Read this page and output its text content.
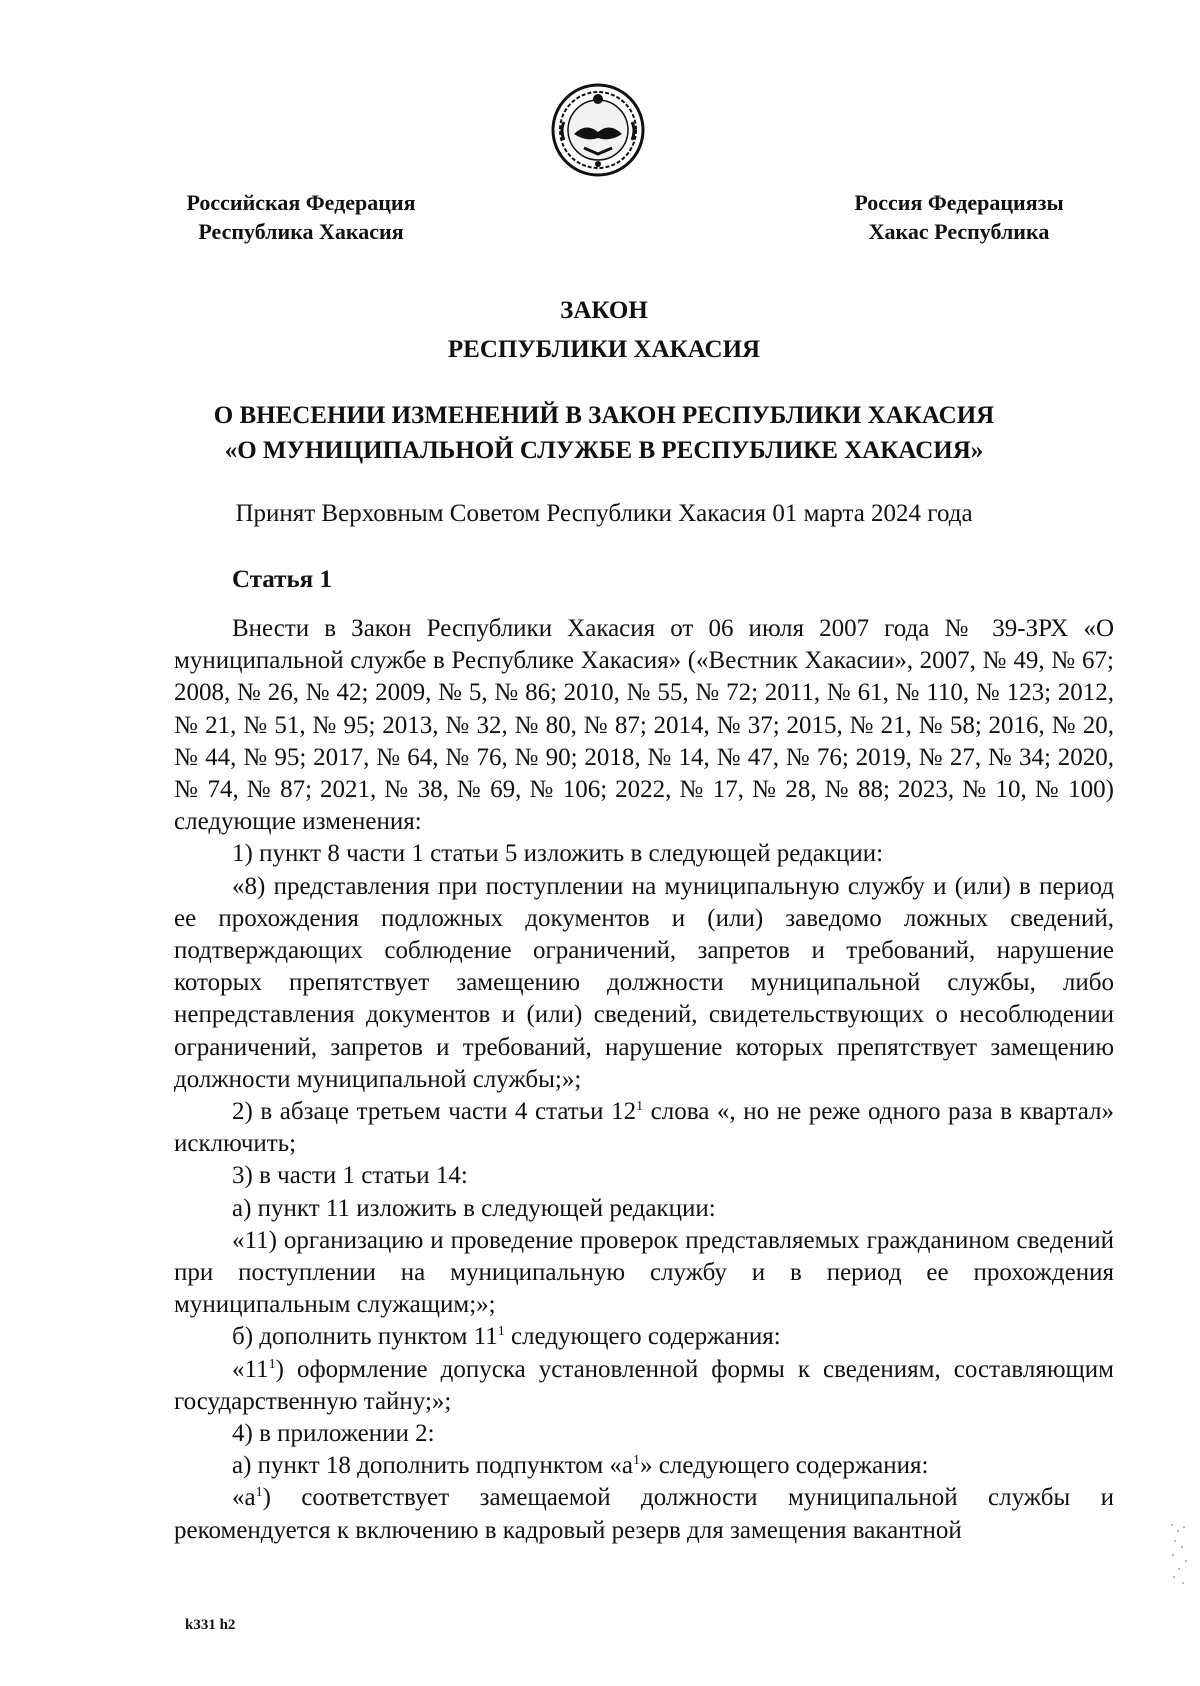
Российская Федерация
Республика Хакасия
Россия Федерациязы
Хакас Республика
ЗАКОН
РЕСПУБЛИКИ ХАКАСИЯ
О ВНЕСЕНИИ ИЗМЕНЕНИЙ В ЗАКОН РЕСПУБЛИКИ ХАКАСИЯ
«О МУНИЦИПАЛЬНОЙ СЛУЖБЕ В РЕСПУБЛИКЕ ХАКАСИЯ»
Принят Верховным Советом Республики Хакасия 01 марта 2024 года
Статья 1

Внести в Закон Республики Хакасия от 06 июля 2007 года № 39-ЗРХ «О муниципальной службе в Республике Хакасия» («Вестник Хакасии», 2007, № 49, № 67; 2008, № 26, № 42; 2009, № 5, № 86; 2010, № 55, № 72; 2011, № 61, № 110, № 123; 2012, № 21, № 51, № 95; 2013, № 32, № 80, № 87; 2014, № 37; 2015, № 21, № 58; 2016, № 20, № 44, № 95; 2017, № 64, № 76, № 90; 2018, № 14, № 47, № 76; 2019, № 27, № 34; 2020, № 74, № 87; 2021, № 38, № 69, № 106; 2022, № 17, № 28, № 88; 2023, № 10, № 100) следующие изменения:

1) пункт 8 части 1 статьи 5 изложить в следующей редакции:

«8) представления при поступлении на муниципальную службу и (или) в период ее прохождения подложных документов и (или) заведомо ложных сведений, подтверждающих соблюдение ограничений, запретов и требований, нарушение которых препятствует замещению должности муниципальной службы, либо непредставления документов и (или) сведений, свидетельствующих о несоблюдении ограничений, запретов и требований, нарушение которых препятствует замещению должности муниципальной службы;»;

2) в абзаце третьем части 4 статьи $12^1$ слова «, но не реже одного раза в квартал» исключить;

3) в части 1 статьи 14:

а) пункт 11 изложить в следующей редакции:

«11) организацию и проведение проверок представляемых гражданином сведений при поступлении на муниципальную службу и в период ее прохождения муниципальным служащим;»;

б) дополнить пунктом $11^1$ следующего содержания:

«$11^1$) оформление допуска установленной формы к сведениям, составляющим государственную тайну;»;

4) в приложении 2:

а) пункт 18 дополнить подпунктом «$а^1$» следующего содержания:

«$а^1$) соответствует замещаемой должности муниципальной службы и рекомендуется к включению в кадровый резерв для замещения вакантной

k331 h2
